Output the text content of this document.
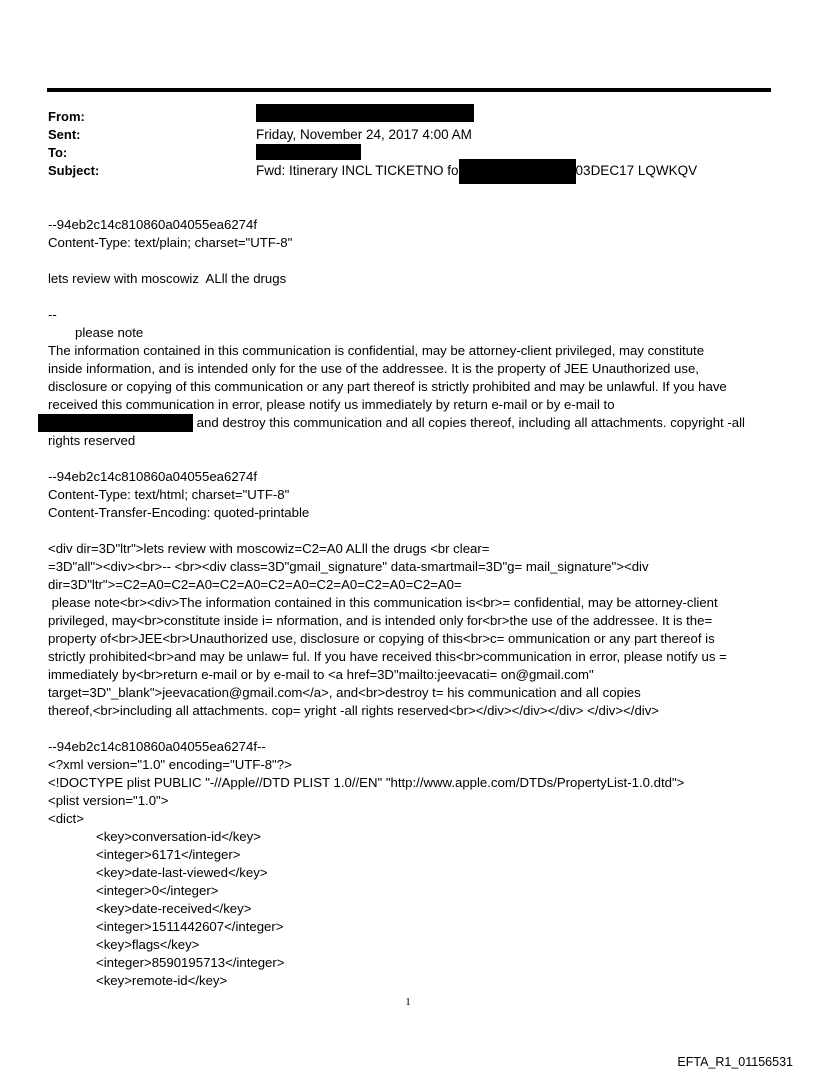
From:
Sent:
To:
Subject:
Friday, November 24, 2017 4:00 AM
Fwd: Itinerary INCL TICKETNO fo	03DEC17 LQWKQV
--94eb2c14c810860a04055ea6274f
Content-Type: text/plain; charset="UTF-8"
lets review with moscowiz  ALll the drugs
--
please note
The information contained in this communication is confidential, may be attorney-client privileged, may constitute
inside information, and is intended only for the use of the addressee. It is the property of JEE Unauthorized use,
disclosure or copying of this communication or any part thereof is strictly prohibited and may be unlawful. If you have
received this communication in error, please notify us immediately by return e-mail or by e-mail to
and destroy this communication and all copies thereof, including all attachments. copyright -all
rights reserved
--94eb2c14c810860a04055ea6274f
Content-Type: text/html; charset="UTF-8"
Content-Transfer-Encoding: quoted-printable
<div dir=3D"ltr">lets review with moscowiz=C2=A0 ALll the drugs <br clear=
=3D"all"><div><br>-- <br><div class=3D"gmail_signature" data-smartmail=3D"g= mail_signature"><div
dir=3D"ltr">=C2=A0=C2=A0=C2=A0=C2=A0=C2=A0=C2=A0=C2=A0=
please note<br><div>The information contained in this communication is<br>= confidential, may be attorney-client
privileged, may<br>constitute inside i= nformation, and is intended only for<br>the use of the addressee. It is the=
property of<br>JEE<br>Unauthorized use, disclosure or copying of this<br>c= ommunication or any part thereof is
strictly prohibited<br>and may be unlaw= ful. If you have received this<br>communication in error, please notify us =
immediately by<br>return e-mail or by e-mail to <a href=3D"mailto:jeevacati= on@gmail.com"
target=3D"_blank">jeevacation@gmail.com</a>, and<br>destroy t= his communication and all copies
thereof,<br>including all attachments. cop= yright -all rights reserved<br></div></div></div> </div></div>
--94eb2c14c810860a04055ea6274f--
<?xml version="1.0" encoding="UTF-8"?>
<!DOCTYPE plist PUBLIC "-//Apple//DTD PLIST 1.0//EN" "http://www.apple.com/DTDs/PropertyList-1.0.dtd">
<plist version="1.0">
<dict>
<key>conversation-id</key>
<integer>6171</integer>
<key>date-last-viewed</key>
<integer>0</integer>
<key>date-received</key>
<integer>1511442607</integer>
<key>flags</key>
<integer>8590195713</integer>
<key>remote-id</key>
1
EFTA_R1_01156531
